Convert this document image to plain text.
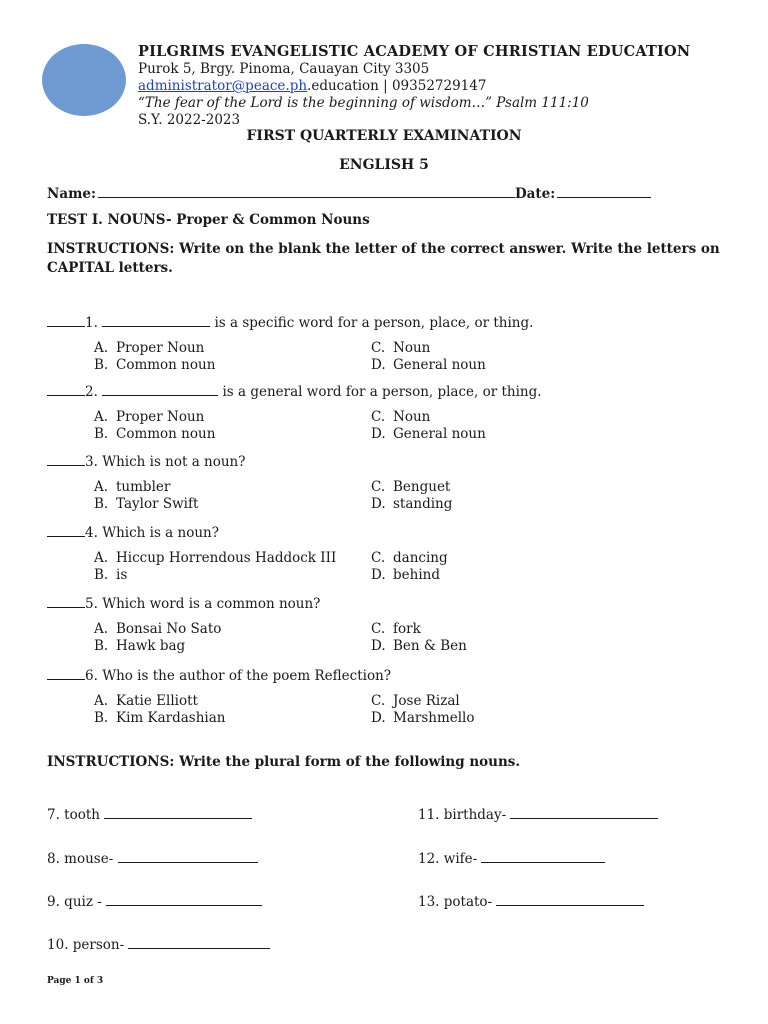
PILGRIMS EVANGELISTIC ACADEMY OF CHRISTIAN EDUCATION
Purok 5, Brgy. Pinoma, Cauayan City 3305
administrator@peace.ph.education | 09352729147
“The fear of the Lord is the beginning of wisdom…” Psalm 111:10
S.Y. 2022-2023
FIRST QUARTERLY EXAMINATION
ENGLISH 5
Name:	Date:
TEST I. NOUNS- Proper & Common Nouns
INSTRUCTIONS: Write on the blank the letter of the correct answer. Write the letters on CAPITAL letters.
1.	is a specific word for a person, place, or thing.
A. Proper Noun
B. Common noun
C. Noun
D. General noun
2.	is a general word for a person, place, or thing.
A. Proper Noun
B. Common noun
C. Noun
D. General noun
3. Which is not a noun?
A. tumbler
B. Taylor Swift
C. Benguet
D. standing
4. Which is a noun?
A. Hiccup Horrendous Haddock III
B. is
C. dancing
D. behind
5. Which word is a common noun?
A. Bonsai No Sato
B. Hawk bag
C. fork
D. Ben & Ben
6. Who is the author of the poem Reflection?
A. Katie Elliott
B. Kim Kardashian
C. Jose Rizal
D. Marshmello
INSTRUCTIONS: Write the plural form of the following nouns.
7. tooth	11. birthday-
8. mouse-	12. wife-
9. quiz -	13. potato-
10. person-
Page 1 of 3
